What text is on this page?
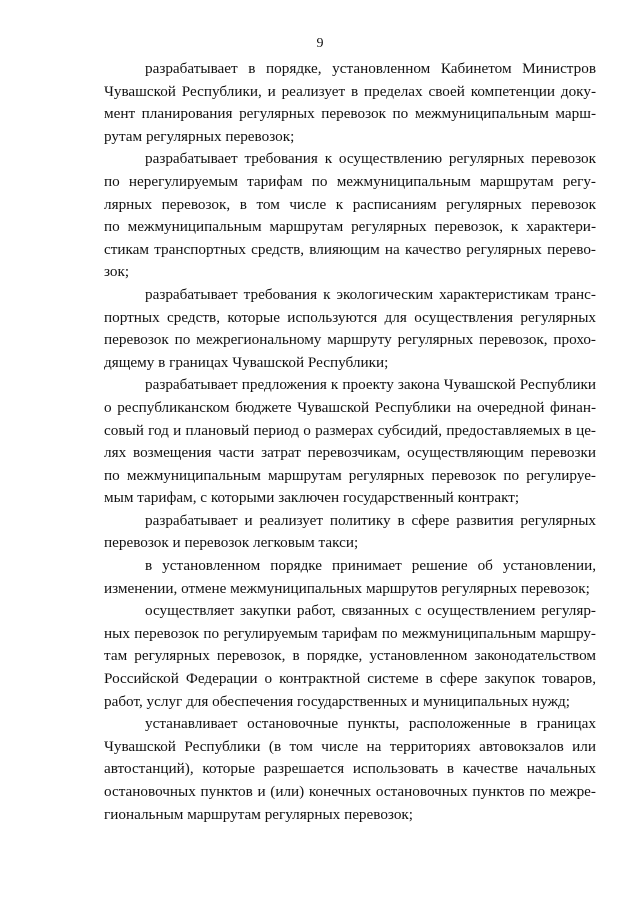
9
разрабатывает в порядке, установленном Кабинетом Министров
Чувашской Республики, и реализует в пределах своей компетенции доку-
мент планирования регулярных перевозок по межмуниципальным марш-
рутам регулярных перевозок;
разрабатывает требования к осуществлению регулярных перевозок
по нерегулируемым тарифам по межмуниципальным маршрутам регу-
лярных перевозок, в том числе к расписаниям регулярных перевозок
по межмуниципальным маршрутам регулярных перевозок, к характери-
стикам транспортных средств, влияющим на качество регулярных перево-
зок;
разрабатывает требования к экологическим характеристикам транс-
портных средств, которые используются для осуществления регулярных
перевозок по межрегиональному маршруту регулярных перевозок, прохо-
дящему в границах Чувашской Республики;
разрабатывает предложения к проекту закона Чувашской Республики
о республиканском бюджете Чувашской Республики на очередной финан-
совый год и плановый период о размерах субсидий, предоставляемых в це-
лях возмещения части затрат перевозчикам, осуществляющим перевозки
по межмуниципальным маршрутам регулярных перевозок по регулируе-
мым тарифам, с которыми заключен государственный контракт;
разрабатывает и реализует политику в сфере развития регулярных
перевозок и перевозок легковым такси;
в установленном порядке принимает решение об установлении,
изменении, отмене межмуниципальных маршрутов регулярных перевозок;
осуществляет закупки работ, связанных с осуществлением регуляр-
ных перевозок по регулируемым тарифам по межмуниципальным маршру-
там регулярных перевозок, в порядке, установленном законодательством
Российской Федерации о контрактной системе в сфере закупок товаров,
работ, услуг для обеспечения государственных и муниципальных нужд;
устанавливает остановочные пункты, расположенные в границах
Чувашской Республики (в том числе на территориях автовокзалов или
автостанций), которые разрешается использовать в качестве начальных
остановочных пунктов и (или) конечных остановочных пунктов по межре-
гиональным маршрутам регулярных перевозок;
